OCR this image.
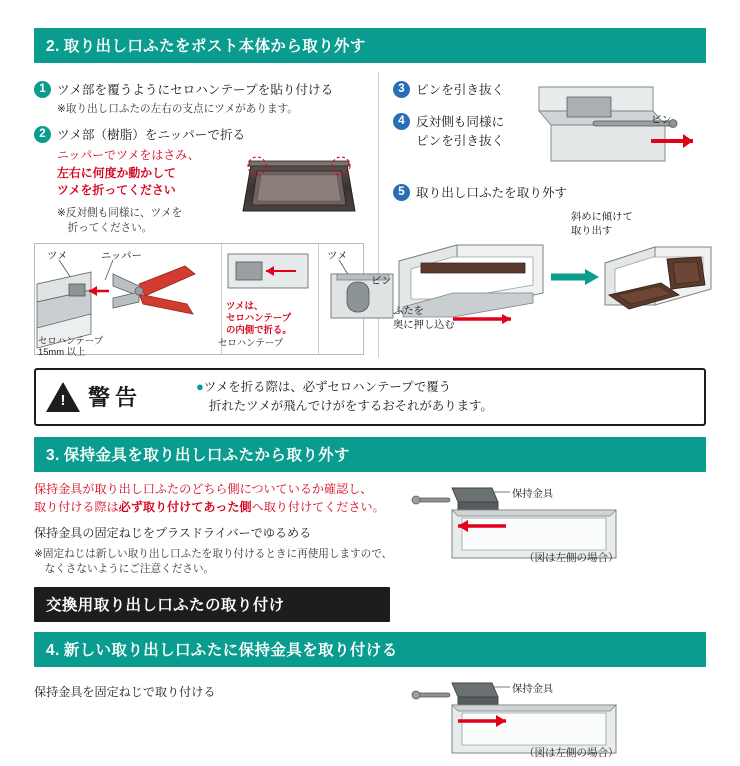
2. 取り出し口ふたをポスト本体から取り外す
1 ツメ部を覆うようにセロハンテープを貼り付ける
※取り出し口ふたの左右の支点にツメがあります。
2 ツメ部（樹脂）をニッパーで折る
ニッパーでツメをはさみ、
左右に何度か動かして
ツメを折ってください
※反対側も同様に、ツメを
　折ってください。
ツメ	ニッパー
ツメは、
セロハンテープ
の内側で折る。
ツメ
ピン
セロハンテープ
15mm 以上
セロハンテープ
3 ピンを引き抜く
4 反対側も同様に
ピンを引き抜く
ピン
5 取り出し口ふたを取り外す
斜めに傾けて
取り出す
ふたを
奥に押し込む
! 警告	●ツメを折る際は、必ずセロハンテープで覆う
折れたツメが飛んでけがをするおそれがあります。
3. 保持金具を取り出し口ふたから取り外す
保持金具が取り出し口ふたのどちら側についているか確認し、
取り付ける際は必ず取り付けてあった側へ取り付けてください。
保持金具の固定ねじをプラスドライバーでゆるめる
※固定ねじは新しい取り出し口ふたを取り付けるときに再使用しますので、
　なくさないようにご注意ください。
保持金具
（図は左側の場合）
交換用取り出し口ふたの取り付け
4. 新しい取り出し口ふたに保持金具を取り付ける
保持金具を固定ねじで取り付ける	保持金具
（図は左側の場合）
